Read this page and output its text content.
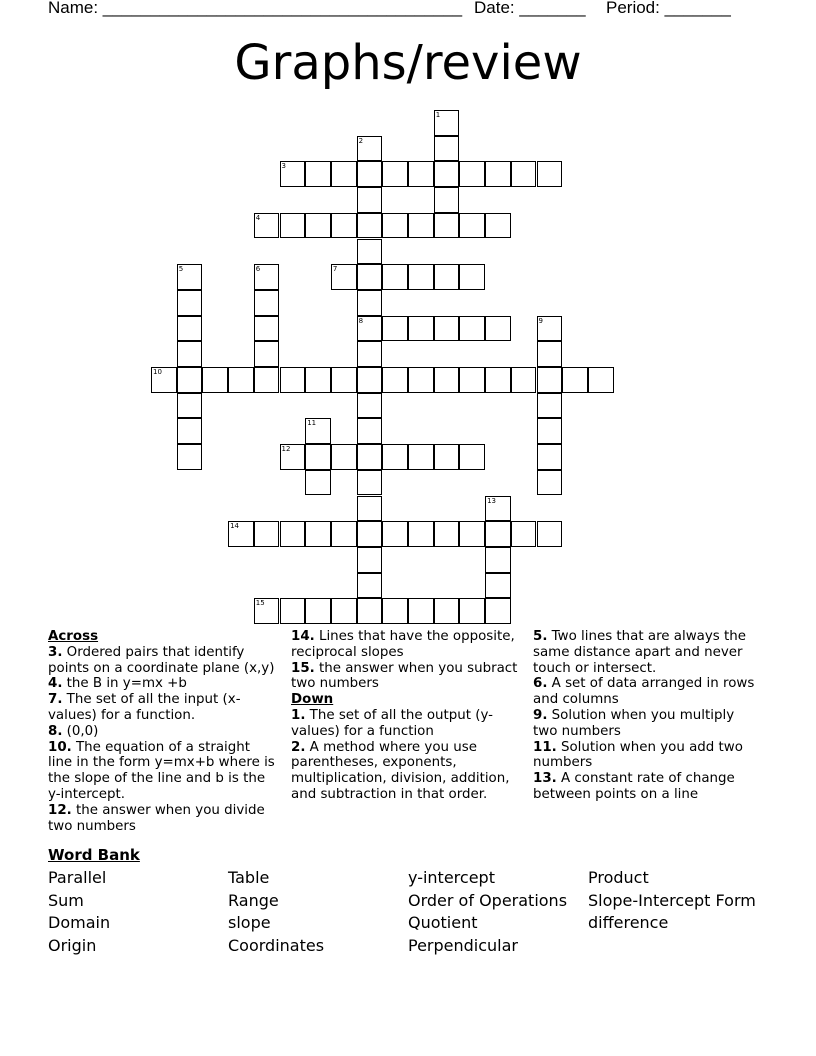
Name: ______________________________________ Date: _______ Period: _______
Graphs/review
1
2
8
3
4
5	6	7
9
10
11
12
13
14
15
Across
3. Ordered pairs that identify points on a coordinate plane (x,y)
4. the B in y=mx +b
7. The set of all the input (x-values) for a function.
8. (0,0)
10. The equation of a straight line in the form y=mx+b where is the slope of the line and b is the y-intercept.
12. the answer when you divide two numbers
14. Lines that have the opposite, reciprocal slopes
15. the answer when you subract two numbers
Down
1. The set of all the output (y-values) for a function
2. A method where you use parentheses, exponents, multiplication, division, addition, and subtraction in that order.
5. Two lines that are always the same distance apart and never touch or intersect.
6. A set of data arranged in rows and columns
9. Solution when you multiply two numbers
11. Solution when you add two numbers
13. A constant rate of change between points on a line
Word Bank
Parallel
Sum
Domain
Origin
Table
Range
slope
Coordinates
y-intercept
Order of Operations
Quotient
Perpendicular
Product
Slope-Intercept Form
difference
